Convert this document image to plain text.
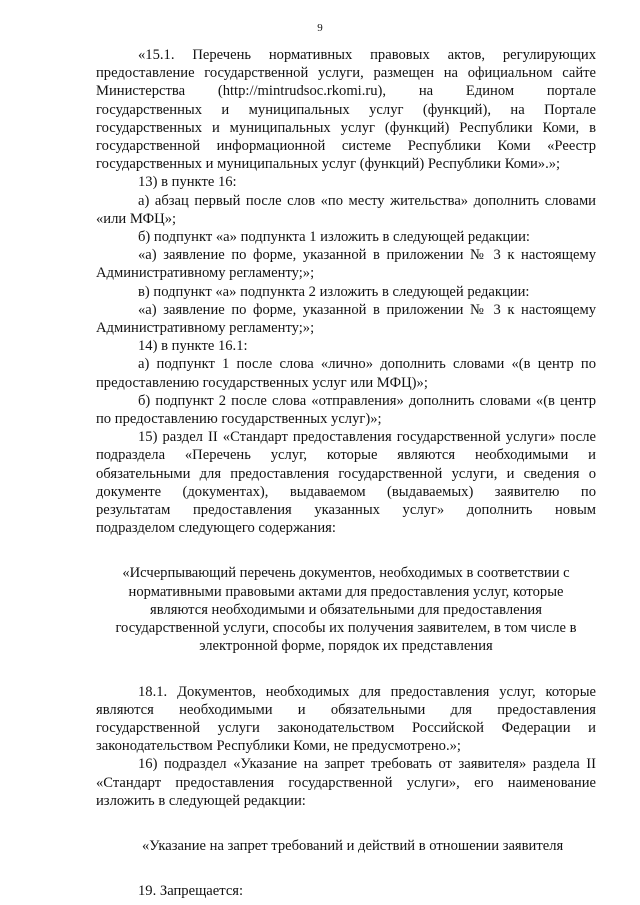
9

«15.1. Перечень нормативных правовых актов, регулирующих

предоставление государственной услуги, размещен на официальном сайте

Министерства (http://mintrudsoc.rkomi.ru), на Едином портале

государственных и муниципальных услуг (функций), на Портале

государственных и муниципальных услуг (функций) Республики Коми, в

государственной информационной системе Республики Коми «Реестр

государственных и муниципальных услуг (функций) Республики Коми».»;

13) в пункте 16:

а) абзац первый после слов «по месту жительства» дополнить словами

«или МФЦ»;

б) подпункт «а» подпункта 1 изложить в следующей редакции:

«а) заявление по форме, указанной в приложении № 3 к настоящему

Административному регламенту;»;

в) подпункт «а» подпункта 2 изложить в следующей редакции:

«а) заявление по форме, указанной в приложении № 3 к настоящему

Административному регламенту;»;

14) в пункте 16.1:

а) подпункт 1 после слова «лично» дополнить словами «(в центр по

предоставлению государственных услуг или МФЦ)»;

б) подпункт 2 после слова «отправления» дополнить словами «(в центр

по предоставлению государственных услуг)»;

15) раздел II «Стандарт предоставления государственной услуги» после

подраздела «Перечень услуг, которые являются необходимыми и

обязательными для предоставления государственной услуги, и сведения о

документе (документах), выдаваемом (выдаваемых) заявителю по

результатам предоставления указанных услуг» дополнить новым

подразделом следующего содержания:

«Исчерпывающий перечень документов, необходимых в соответствии с

нормативными правовыми актами для предоставления услуг, которые

являются необходимыми и обязательными для предоставления

государственной услуги, способы их получения заявителем, в том числе в

электронной форме, порядок их представления

18.1. Документов, необходимых для предоставления услуг, которые

являются необходимыми и обязательными для предоставления

государственной услуги законодательством Российской Федерации и

законодательством Республики Коми, не предусмотрено.»;

16) подраздел «Указание на запрет требовать от заявителя» раздела II

«Стандарт предоставления государственной услуги», его наименование

изложить в следующей редакции:

«Указание на запрет требований и действий в отношении заявителя

19. Запрещается:
